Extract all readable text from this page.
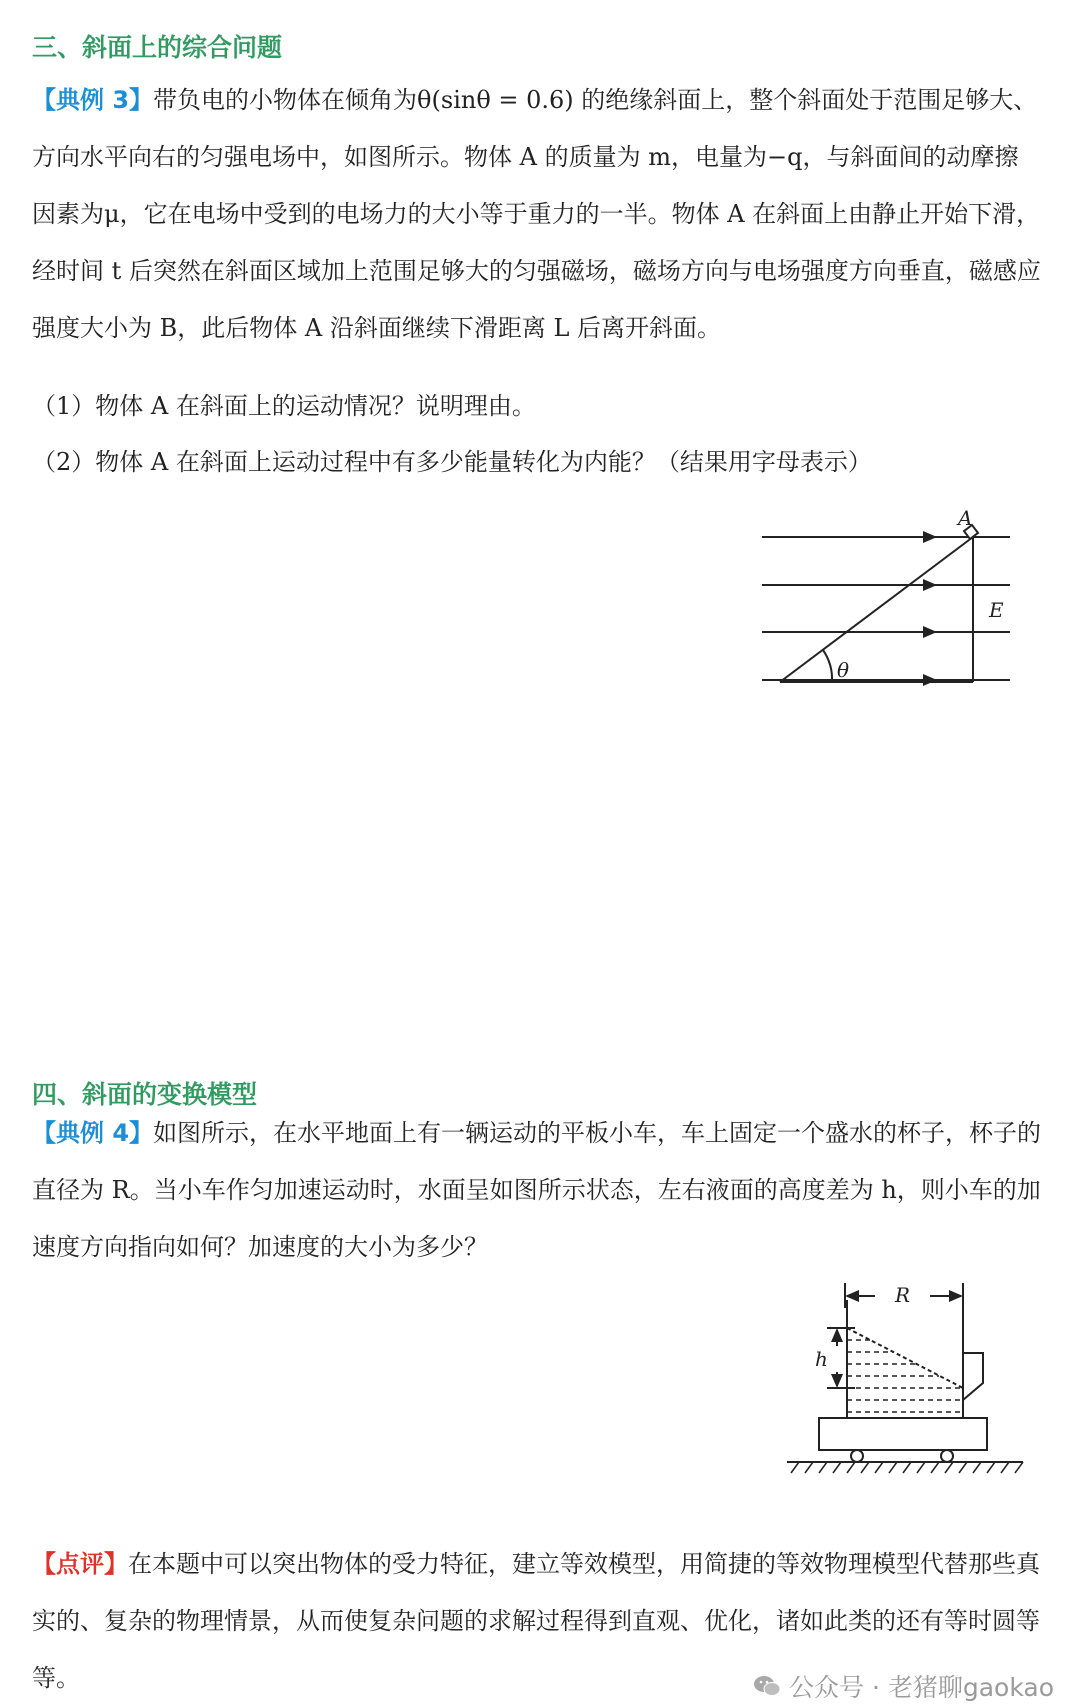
三、斜面上的综合问题
【典例 3】带负电的小物体在倾角为θ(sinθ = 0.6) 的绝缘斜面上，整个斜面处于范围足够大、方向水平向右的匀强电场中，如图所示。物体 A 的质量为 m，电量为−q，与斜面间的动摩擦因素为μ，它在电场中受到的电场力的大小等于重力的一半。物体 A 在斜面上由静止开始下滑，经时间 t 后突然在斜面区域加上范围足够大的匀强磁场，磁场方向与电场强度方向垂直，磁感应强度大小为 B，此后物体 A 沿斜面继续下滑距离 L 后离开斜面。
（1）物体 A 在斜面上的运动情况？说明理由。
（2）物体 A 在斜面上运动过程中有多少能量转化为内能？（结果用字母表示）
A
E
θ
四、斜面的变换模型
【典例 4】如图所示，在水平地面上有一辆运动的平板小车，车上固定一个盛水的杯子，杯子的直径为 R。当小车作匀加速运动时，水面呈如图所示状态，左右液面的高度差为 h，则小车的加速度方向指向如何？加速度的大小为多少？
R
h
【点评】在本题中可以突出物体的受力特征，建立等效模型，用简捷的等效物理模型代替那些真实的、复杂的物理情景，从而使复杂问题的求解过程得到直观、优化，诸如此类的还有等时圆等等。	公众号 · 老猪聊gaokao
